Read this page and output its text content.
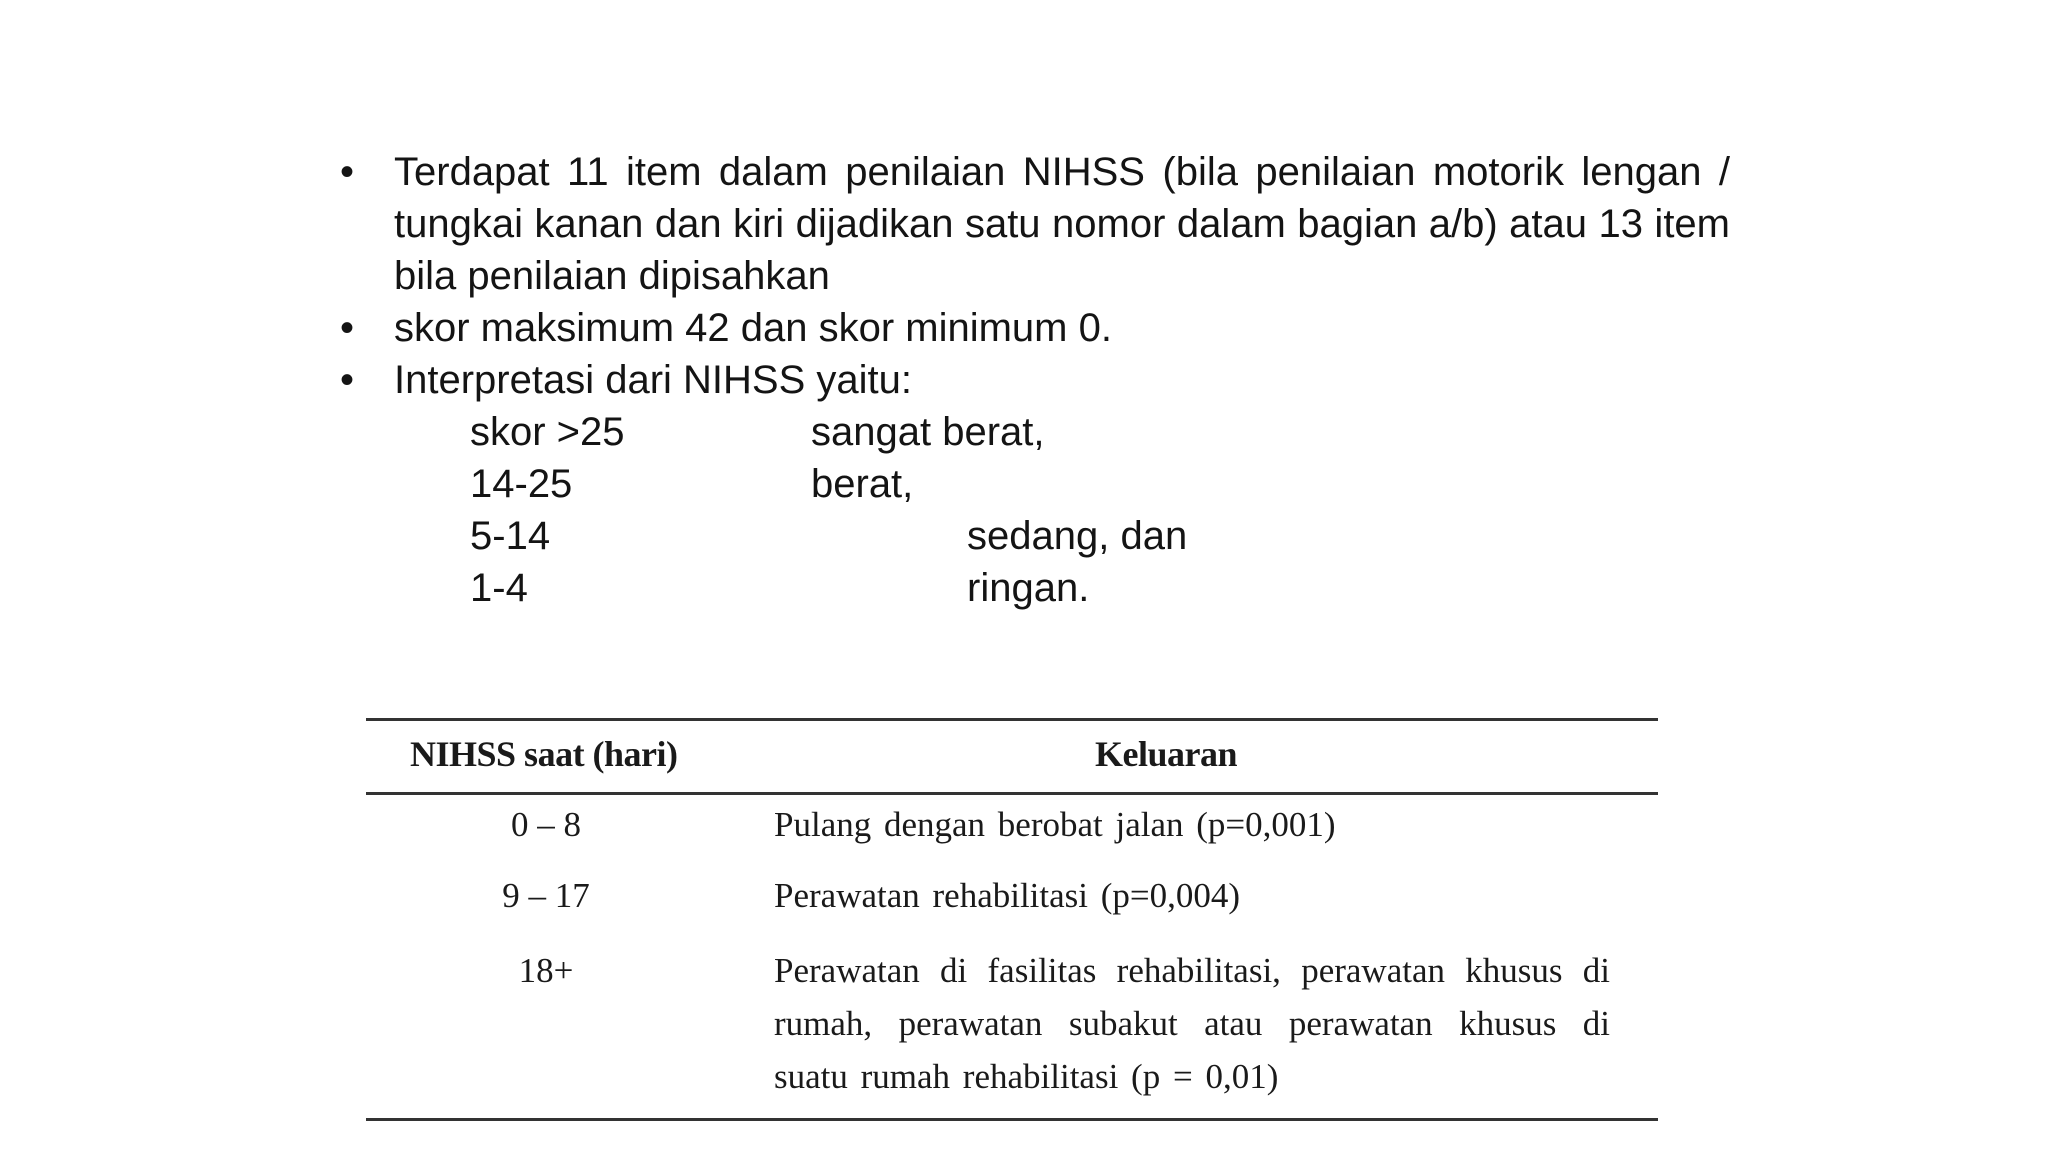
• Terdapat 11 item dalam penilaian NIHSS (bila penilaian motorik lengan / tungkai kanan dan kiri dijadikan satu nomor dalam bagian a/b) atau 13 item bila penilaian dipisahkan
• skor maksimum 42 dan skor minimum 0.
• Interpretasi dari NIHSS yaitu:
skor >25	sangat berat,
14-25	berat,
5-14	sedang, dan
1-4	ringan.
NIHSS saat (hari)	Keluaran
0 – 8	Pulang dengan berobat jalan (p=0,001)
9 – 17	Perawatan rehabilitasi (p=0,004)
18+	Perawatan di fasilitas rehabilitasi, perawatan khusus di rumah, perawatan subakut atau perawatan khusus di suatu rumah rehabilitasi (p = 0,01)
